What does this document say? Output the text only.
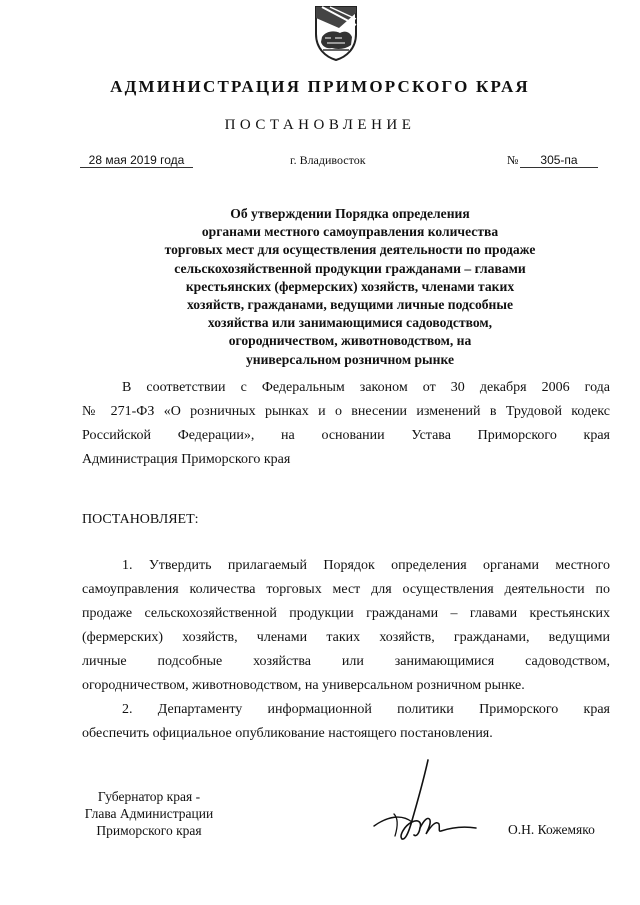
АДМИНИСТРАЦИЯ ПРИМОРСКОГО КРАЯ
ПОСТАНОВЛЕНИЕ
28 мая 2019 года	г. Владивосток	№	305-па
Об утверждении Порядка определения
органами местного самоуправления количества
торговых мест для осуществления деятельности по продаже
сельскохозяйственной продукции гражданами – главами
крестьянских (фермерских) хозяйств, членами таких
хозяйств, гражданами, ведущими личные подсобные
хозяйства или занимающимися садоводством,
огородничеством, животноводством, на
универсальном розничном рынке
В соответствии с Федеральным законом от 30 декабря 2006 года
№ 271-ФЗ «О розничных рынках и о внесении изменений в Трудовой кодекс
Российской Федерации», на основании Устава Приморского края
Администрация Приморского края
ПОСТАНОВЛЯЕТ:
1. Утвердить прилагаемый Порядок определения органами местного
самоуправления количества торговых мест для осуществления деятельности по
продаже сельскохозяйственной продукции гражданами – главами крестьянских
(фермерских) хозяйств, членами таких хозяйств, гражданами, ведущими
личные подсобные хозяйства или занимающимися садоводством,
огородничеством, животноводством, на универсальном розничном рынке.
2. Департаменту информационной политики Приморского края
обеспечить официальное опубликование настоящего постановления.
Губернатор края -
Глава Администрации
Приморского края	О.Н. Кожемяко
